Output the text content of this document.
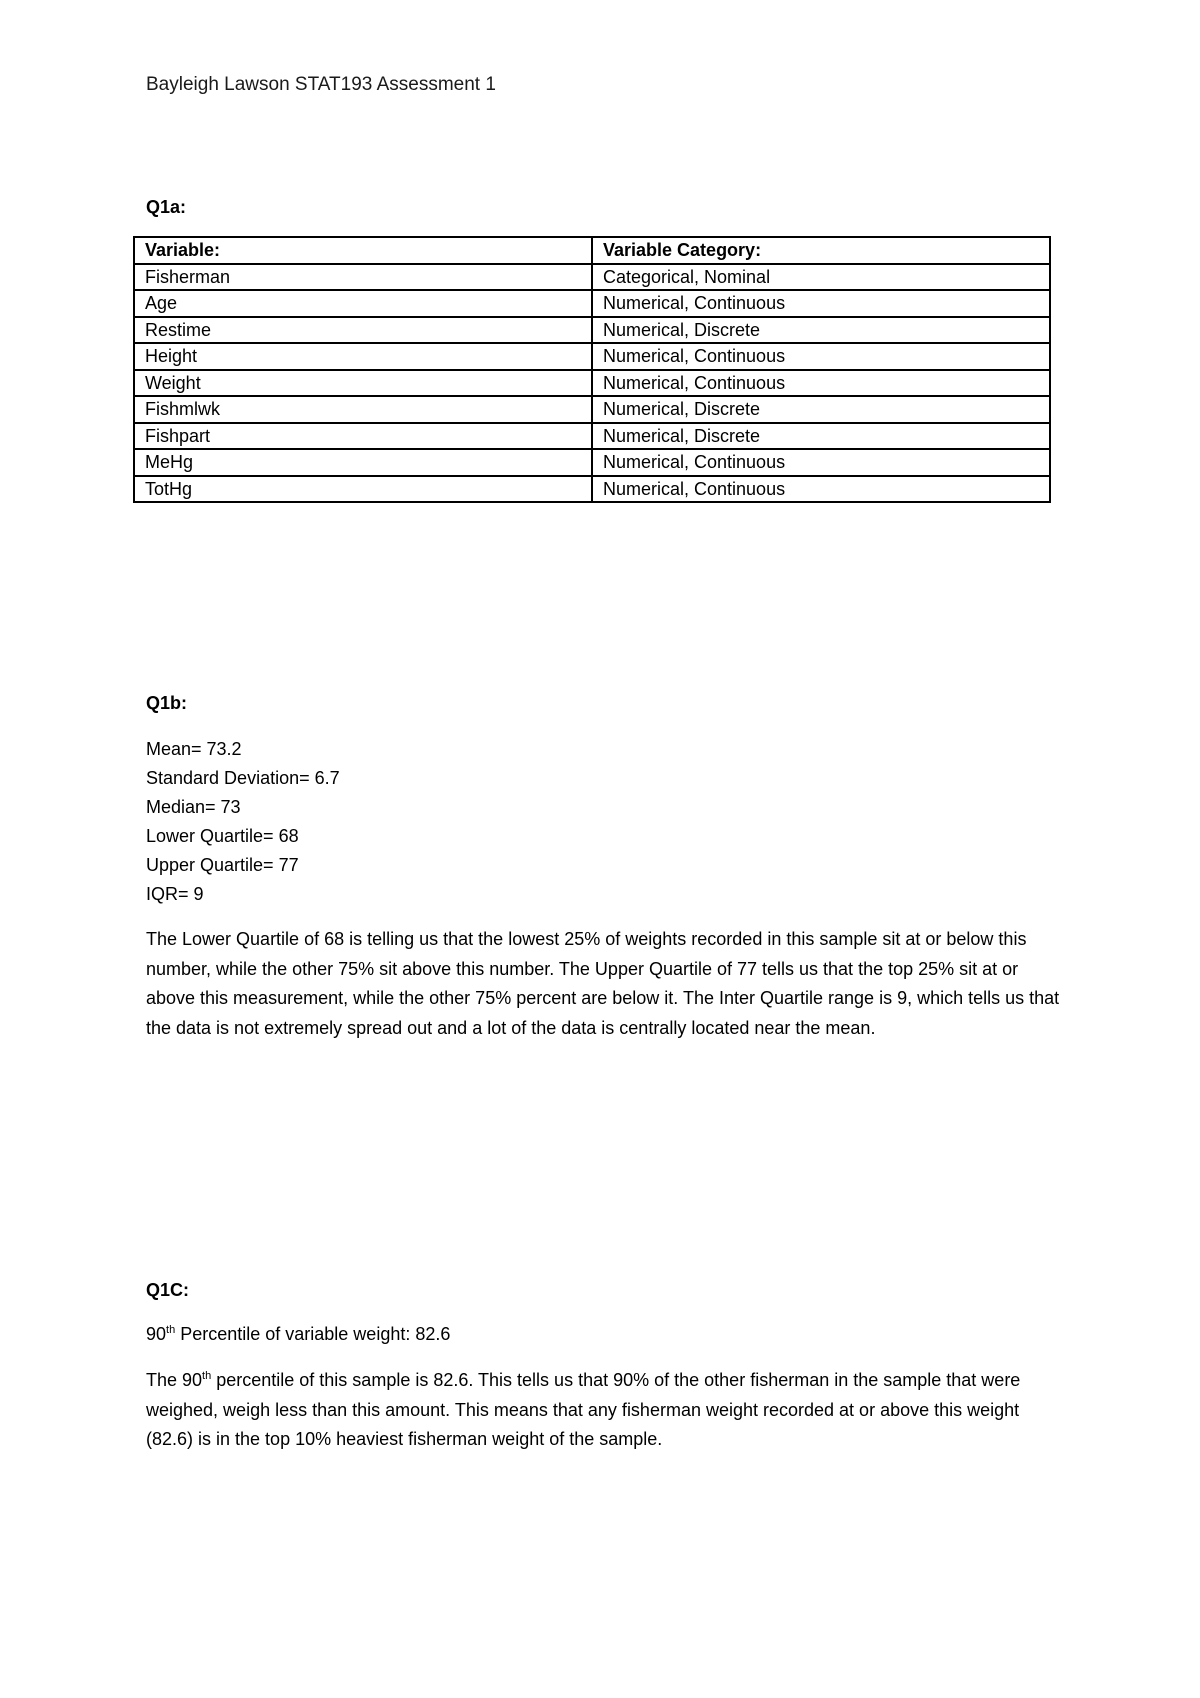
Bayleigh Lawson STAT193 Assessment 1
Q1a:
Variable:	Variable Category:
Fisherman	Categorical, Nominal
Age	Numerical, Continuous
Restime	Numerical, Discrete
Height	Numerical, Continuous
Weight	Numerical, Continuous
Fishmlwk	Numerical, Discrete
Fishpart	Numerical, Discrete
MeHg	Numerical, Continuous
TotHg	Numerical, Continuous
Q1b:
Mean= 73.2
Standard Deviation= 6.7
Median= 73
Lower Quartile= 68
Upper Quartile= 77
IQR= 9
The Lower Quartile of 68 is telling us that the lowest 25% of weights recorded in this sample sit at or below this number, while the other 75% sit above this number. The Upper Quartile of 77 tells us that the top 25% sit at or above this measurement, while the other 75% percent are below it. The Inter Quartile range is 9, which tells us that the data is not extremely spread out and a lot of the data is centrally located near the mean.
Q1C:
90th Percentile of variable weight: 82.6
The 90th percentile of this sample is 82.6. This tells us that 90% of the other fisherman in the sample that were weighed, weigh less than this amount. This means that any fisherman weight recorded at or above this weight (82.6) is in the top 10% heaviest fisherman weight of the sample.
